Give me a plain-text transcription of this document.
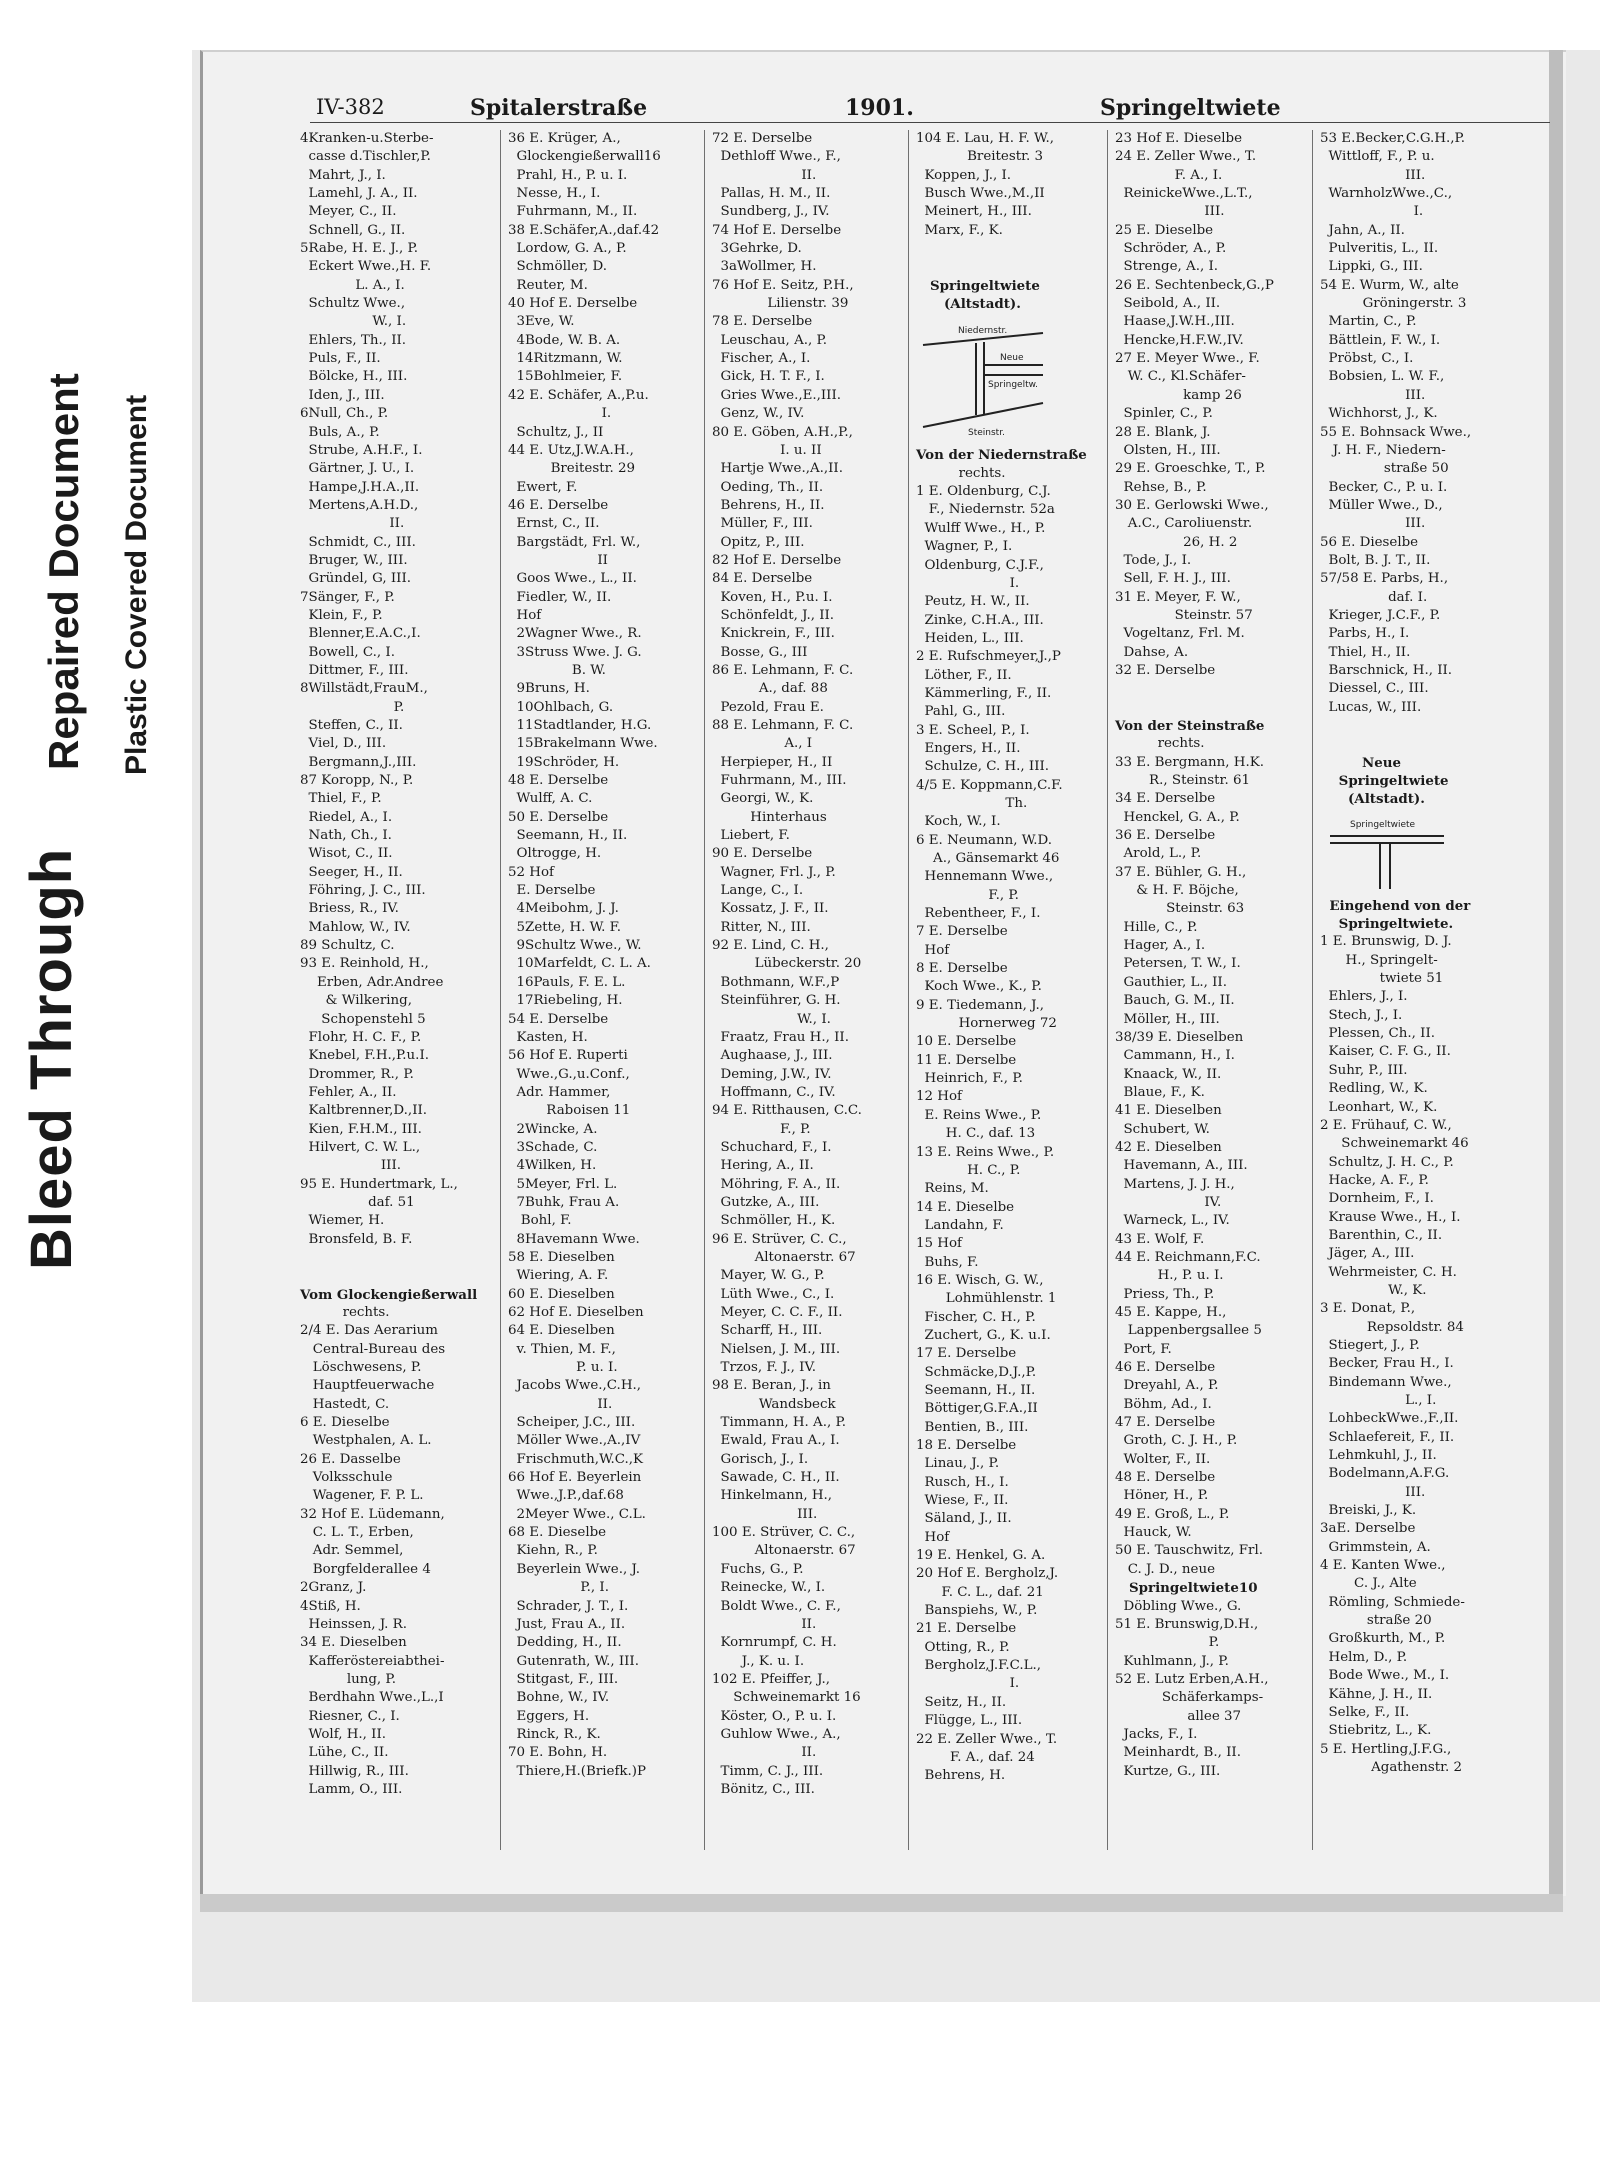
Bleed Through
Repaired Document Plastic Covered Document
IV-382	Spitalerstraße	1901.	Springeltwiete
4Kranken-u.Sterbe-
casse d.Tischler,P.
Mahrt, J., I.
Lamehl, J. A., II.
Meyer, C., II.
Schnell, G., II.
5Rabe, H. E. J., P.
Eckert Wwe.,H. F.
L. A., I.
Schultz Wwe.,
W., I.
Ehlers, Th., II.
Puls, F., II.
Bölcke, H., III.
Iden, J., III.
6Null, Ch., P.
Buls, A., P.
Strube, A.H.F., I.
Gärtner, J. U., I.
Hampe,J.H.A.,II.
Mertens,A.H.D.,
II.
Schmidt, C., III.
Bruger, W., III.
Gründel, G, III.
7Sänger, F., P.
Klein, F., P.
Blenner,E.A.C.,I.
Bowell, C., I.
Dittmer, F., III.
8Willstädt,FrauM.,
P.
Steffen, C., II.
Viel, D., III.
Bergmann,J.,III.
87 Koropp, N., P.
Thiel, F., P.
Riedel, A., I.
Nath, Ch., I.
Wisot, C., II.
Seeger, H., II.
Föhring, J. C., III.
Briess, R., IV.
Mahlow, W., IV.
89 Schultz, C.
93 E. Reinhold, H.,
Erben, Adr.Andree
& Wilkering,
Schopenstehl 5
Flohr, H. C. F., P.
Knebel, F.H.,P.u.I.
Drommer, R., P.
Fehler, A., II.
Kaltbrenner,D.,II.
Kien, F.H.M., III.
Hilvert, C. W. L.,
III.
95 E. Hundertmark, L.,
daf. 51
Wiemer, H.
Bronsfeld, B. F.
Vom Glockengießerwall
rechts.
2/4 E. Das Aerarium
Central-Bureau des
Löschwesens, P.
Hauptfeuerwache
Hastedt, C.
6 E. Dieselbe
Westphalen, A. L.
26 E. Dasselbe
Volksschule
Wagener, F. P. L.
32 Hof E. Lüdemann,
C. L. T., Erben,
Adr. Semmel,
Borgfelderallee 4
2Granz, J.
4Stiß, H.
Heinssen, J. R.
34 E. Dieselben
Kafferöstereiabthei-
lung, P.
Berdhahn Wwe.,L.,I
Riesner, C., I.
Wolf, H., II.
Lühe, C., II.
Hillwig, R., III.
Lamm, O., III.
36 E. Krüger, A.,
Glockengießerwall16
Prahl, H., P. u. I.
Nesse, H., I.
Fuhrmann, M., II.
38 E.Schäfer,A.,daf.42
Lordow, G. A., P.
Schmöller, D.
Reuter, M.
40 Hof E. Derselbe
3Eve, W.
4Bode, W. B. A.
14Ritzmann, W.
15Bohlmeier, F.
42 E. Schäfer, A.,P.u.
I.
Schultz, J., II
44 E. Utz,J.W.A.H.,
Breitestr. 29
Ewert, F.
46 E. Derselbe
Ernst, C., II.
Bargstädt, Frl. W.,
II
Goos Wwe., L., II.
Fiedler, W., II.
Hof
2Wagner Wwe., R.
3Struss Wwe. J. G.
B. W.
9Bruns, H.
10Ohlbach, G.
11Stadtlander, H.G.
15Brakelmann Wwe.
19Schröder, H.
48 E. Derselbe
Wulff, A. C.
50 E. Derselbe
Seemann, H., II.
Oltrogge, H.
52 Hof
E. Derselbe
4Meibohm, J. J.
5Zette, H. W. F.
9Schultz Wwe., W.
10Marfeldt, C. L. A.
16Pauls, F. E. L.
17Riebeling, H.
54 E. Derselbe
Kasten, H.
56 Hof E. Ruperti
Wwe.,G.,u.Conf.,
Adr. Hammer,
Raboisen 11
2Wincke, A.
3Schade, C.
4Wilken, H.
5Meyer, Frl. L.
7Buhk, Frau A.
Bohl, F.
8Havemann Wwe.
58 E. Dieselben
Wiering, A. F.
60 E. Dieselben
62 Hof E. Dieselben
64 E. Dieselben
v. Thien, M. F.,
P. u. I.
Jacobs Wwe.,C.H.,
II.
Scheiper, J.C., III.
Möller Wwe.,A.,IV
Frischmuth,W.C.,K
66 Hof E. Beyerlein
Wwe.,J.P.,daf.68
2Meyer Wwe., C.L.
68 E. Dieselbe
Kiehn, R., P.
Beyerlein Wwe., J.
P., I.
Schrader, J. T., I.
Just, Frau A., II.
Dedding, H., II.
Gutenrath, W., III.
Stitgast, F., III.
Bohne, W., IV.
Eggers, H.
Rinck, R., K.
70 E. Bohn, H.
Thiere,H.(Briefk.)P
72 E. Derselbe
Dethloff Wwe., F.,
II.
Pallas, H. M., II.
Sundberg, J., IV.
74 Hof E. Derselbe
3Gehrke, D.
3aWollmer, H.
76 Hof E. Seitz, P.H.,
Lilienstr. 39
78 E. Derselbe
Leuschau, A., P.
Fischer, A., I.
Gick, H. T. F., I.
Gries Wwe.,E.,III.
Genz, W., IV.
80 E. Göben, A.H.,P.,
I. u. II
Hartje Wwe.,A.,II.
Oeding, Th., II.
Behrens, H., II.
Müller, F., III.
Opitz, P., III.
82 Hof E. Derselbe
84 E. Derselbe
Koven, H., P.u. I.
Schönfeldt, J., II.
Knickrein, F., III.
Bosse, G., III
86 E. Lehmann, F. C.
A., daf. 88
Pezold, Frau E.
88 E. Lehmann, F. C.
A., I
Herpieper, H., II
Fuhrmann, M., III.
Georgi, W., K.
Hinterhaus
Liebert, F.
90 E. Derselbe
Wagner, Frl. J., P.
Lange, C., I.
Kossatz, J. F., II.
Ritter, N., III.
92 E. Lind, C. H.,
Lübeckerstr. 20
Bothmann, W.F.,P
Steinführer, G. H.
W., I.
Fraatz, Frau H., II.
Aughaase, J., III.
Deming, J.W., IV.
Hoffmann, C., IV.
94 E. Ritthausen, C.C.
F., P.
Schuchard, F., I.
Hering, A., II.
Möhring, F. A., II.
Gutzke, A., III.
Schmöller, H., K.
96 E. Strüver, C. C.,
Altonaerstr. 67
Mayer, W. G., P.
Lüth Wwe., C., I.
Meyer, C. C. F., II.
Scharff, H., III.
Nielsen, J. M., III.
Trzos, F. J., IV.
98 E. Beran, J., in
Wandsbeck
Timmann, H. A., P.
Ewald, Frau A., I.
Gorisch, J., I.
Sawade, C. H., II.
Hinkelmann, H.,
III.
100 E. Strüver, C. C.,
Altonaerstr. 67
Fuchs, G., P.
Reinecke, W., I.
Boldt Wwe., C. F.,
II.
Kornrumpf, C. H.
J., K. u. I.
102 E. Pfeiffer, J.,
Schweinemarkt 16
Köster, O., P. u. I.
Guhlow Wwe., A.,
II.
Timm, C. J., III.
Bönitz, C., III.
104 E. Lau, H. F. W.,
Breitestr. 3
Koppen, J., I.
Busch Wwe.,M.,II
Meinert, H., III.
Marx, F., K.
Springeltwiete
(Altstadt).
Niedernstr.
Neue
Springeltw.
Steinstr.
Von der Niedernstraße
rechts.
1 E. Oldenburg, C.J.
F., Niedernstr. 52a
Wulff Wwe., H., P.
Wagner, P., I.
Oldenburg, C.J.F.,
I.
Peutz, H. W., II.
Zinke, C.H.A., III.
Heiden, L., III.
2 E. Rufschmeyer,J.,P
Löther, F., II.
Kämmerling, F., II.
Pahl, G., III.
3 E. Scheel, P., I.
Engers, H., II.
Schulze, C. H., III.
4/5 E. Koppmann,C.F.
Th.
Koch, W., I.
6 E. Neumann, W.D.
A., Gänsemarkt 46
Hennemann Wwe.,
F., P.
Rebentheer, F., I.
7 E. Derselbe
Hof
8 E. Derselbe
Koch Wwe., K., P.
9 E. Tiedemann, J.,
Hornerweg 72
10 E. Derselbe
11 E. Derselbe
Heinrich, F., P.
12 Hof
E. Reins Wwe., P.
H. C., daf. 13
13 E. Reins Wwe., P.
H. C., P.
Reins, M.
14 E. Dieselbe
Landahn, F.
15 Hof
Buhs, F.
16 E. Wisch, G. W.,
Lohmühlenstr. 1
Fischer, C. H., P.
Zuchert, G., K. u.I.
17 E. Derselbe
Schmäcke,D.J.,P.
Seemann, H., II.
Böttiger,G.F.A.,II
Bentien, B., III.
18 E. Derselbe
Linau, J., P.
Rusch, H., I.
Wiese, F., II.
Säland, J., II.
Hof
19 E. Henkel, G. A.
20 Hof E. Bergholz,J.
F. C. L., daf. 21
Banspiehs, W., P.
21 E. Derselbe
Otting, R., P.
Bergholz,J.F.C.L.,
I.
Seitz, H., II.
Flügge, L., III.
22 E. Zeller Wwe., T.
F. A., daf. 24
Behrens, H.
23 Hof E. Dieselbe
24 E. Zeller Wwe., T.
F. A., I.
ReinickeWwe.,L.T.,
III.
25 E. Dieselbe
Schröder, A., P.
Strenge, A., I.
26 E. Sechtenbeck,G.,P
Seibold, A., II.
Haase,J.W.H.,III.
Hencke,H.F.W.,IV.
27 E. Meyer Wwe., F.
W. C., Kl.Schäfer-
kamp 26
Spinler, C., P.
28 E. Blank, J.
Olsten, H., III.
29 E. Groeschke, T., P.
Rehse, B., P.
30 E. Gerlowski Wwe.,
A.C., Caroliuenstr.
26, H. 2
Tode, J., I.
Sell, F. H. J., III.
31 E. Meyer, F. W.,
Steinstr. 57
Vogeltanz, Frl. M.
Dahse, A.
32 E. Derselbe
Von der Steinstraße
rechts.
33 E. Bergmann, H.K.
R., Steinstr. 61
34 E. Derselbe
Henckel, G. A., P.
36 E. Derselbe
Arold, L., P.
37 E. Bühler, G. H.,
& H. F. Böjche,
Steinstr. 63
Hille, C., P.
Hager, A., I.
Petersen, T. W., I.
Gauthier, L., II.
Bauch, G. M., II.
Möller, H., III.
38/39 E. Dieselben
Cammann, H., I.
Knaack, W., II.
Blaue, F., K.
41 E. Dieselben
Schubert, W.
42 E. Dieselben
Havemann, A., III.
Martens, J. J. H.,
IV.
Warneck, L., IV.
43 E. Wolf, F.
44 E. Reichmann,F.C.
H., P. u. I.
Priess, Th., P.
45 E. Kappe, H.,
Lappenbergsallee 5
Port, F.
46 E. Derselbe
Dreyahl, A., P.
Böhm, Ad., I.
47 E. Derselbe
Groth, C. J. H., P.
Wolter, F., II.
48 E. Derselbe
Höner, H., P.
49 E. Groß, L., P.
Hauck, W.
50 E. Tauschwitz, Frl.
C. J. D., neue
Springeltwiete10
Döbling Wwe., G.
51 E. Brunswig,D.H.,
P.
Kuhlmann, J., P.
52 E. Lutz Erben,A.H.,
Schäferkamps-
allee 37
Jacks, F., I.
Meinhardt, B., II.
Kurtze, G., III.
53 E.Becker,C.G.H.,P.
Wittloff, F., P. u.
III.
WarnholzWwe.,C.,
I.
Jahn, A., II.
Pulveritis, L., II.
Lippki, G., III.
54 E. Wurm, W., alte
Gröningerstr. 3
Martin, C., P.
Bättlein, F. W., I.
Pröbst, C., I.
Bobsien, L. W. F.,
III.
Wichhorst, J., K.
55 E. Bohnsack Wwe.,
J. H. F., Niedern-
straße 50
Becker, C., P. u. I.
Müller Wwe., D.,
III.
56 E. Dieselbe
Bolt, B. J. T., II.
57/58 E. Parbs, H.,
daf. I.
Krieger, J.C.F., P.
Parbs, H., I.
Thiel, H., II.
Barschnick, H., II.
Diessel, C., III.
Lucas, W., III.
Neue
Springeltwiete
(Altstadt).
Springeltwiete
Eingehend von der
Springeltwiete.
1 E. Brunswig, D. J.
H., Springelt-
twiete 51
Ehlers, J., I.
Stech, J., I.
Plessen, Ch., II.
Kaiser, C. F. G., II.
Suhr, P., III.
Redling, W., K.
Leonhart, W., K.
2 E. Frühauf, C. W.,
Schweinemarkt 46
Schultz, J. H. C., P.
Hacke, A. F., P.
Dornheim, F., I.
Krause Wwe., H., I.
Barenthin, C., II.
Jäger, A., III.
Wehrmeister, C. H.
W., K.
3 E. Donat, P.,
Repsoldstr. 84
Stiegert, J., P.
Becker, Frau H., I.
Bindemann Wwe.,
L., I.
LohbeckWwe.,F.,II.
Schlaefereit, F., II.
Lehmkuhl, J., II.
Bodelmann,A.F.G.
III.
Breiski, J., K.
3aE. Derselbe
Grimmstein, A.
4 E. Kanten Wwe.,
C. J., Alte
Römling, Schmiede-
straße 20
Großkurth, M., P.
Helm, D., P.
Bode Wwe., M., I.
Kähne, J. H., II.
Selke, F., II.
Stiebritz, L., K.
5 E. Hertling,J.F.G.,
Agathenstr. 2
